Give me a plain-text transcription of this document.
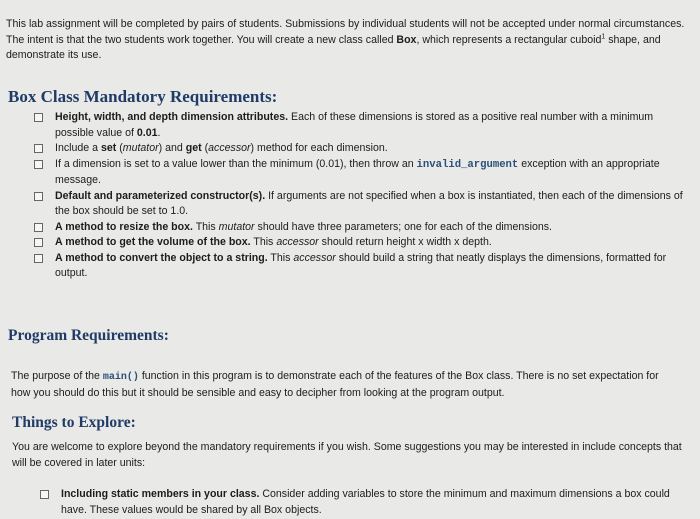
This lab assignment will be completed by pairs of students. Submissions by individual students will not be accepted under normal circumstances. The intent is that the two students work together. You will create a new class called Box, which represents a rectangular cuboid$^1$ shape, and demonstrate its use.

Box Class Mandatory Requirements:
Height, width, and depth dimension attributes. Each of these dimensions is stored as a positive real number with a minimum possible value of 0.01.
Include a set (mutator) and get (accessor) method for each dimension.
If a dimension is set to a value lower than the minimum (0.01), then throw an invalid_argument exception with an appropriate message.
Default and parameterized constructor(s). If arguments are not specified when a box is instantiated, then each of the dimensions of the box should be set to 1.0.
A method to resize the box. This mutator should have three parameters; one for each of the dimensions.
A method to get the volume of the box. This accessor should return height x width x depth.
A method to convert the object to a string. This accessor should build a string that neatly displays the dimensions, formatted for output.
Program Requirements:

The purpose of the main() function in this program is to demonstrate each of the features of the Box class. There is no set expectation for how you should do this but it should be sensible and easy to decipher from looking at the program output.

Things to Explore:

You are welcome to explore beyond the mandatory requirements if you wish. Some suggestions you may be interested in include concepts that will be covered in later units:

Including static members in your class. Consider adding variables to store the minimum and maximum dimensions a box could have. These values would be shared by all Box objects.
